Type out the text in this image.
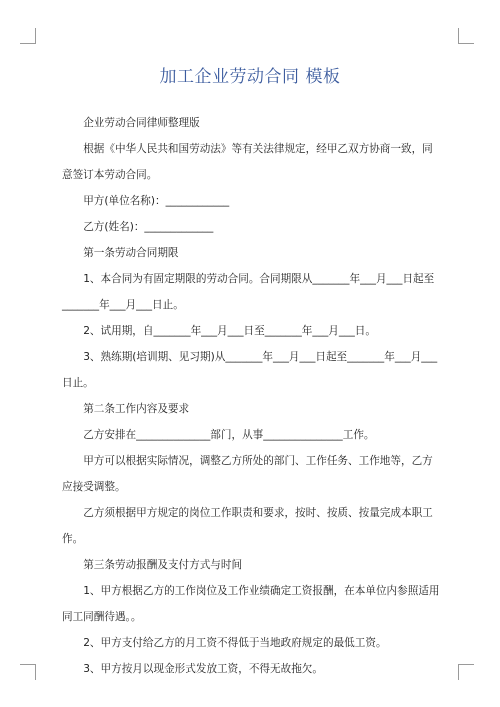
加工企业劳动合同 模板

企业劳动合同律师整理版

根据《中华人民共和国劳动法》等有关法律规定，经甲乙双方协商一致，同意签订本劳动合同。

甲方(单位名称)：____________

乙方(姓名)：_____________

第一条劳动合同期限

1、本合同为有固定期限的劳动合同。合同期限从_______年___月___日起至_______年___月___日止。

2、试用期，自_______年___月___日至_______年___月___日。

3、熟练期(培训期、见习期)从_______年___月___日起至_______年___月___日止。

第二条工作内容及要求

乙方安排在______________部门，从事_______________工作。

甲方可以根据实际情况，调整乙方所处的部门、工作任务、工作地等，乙方应接受调整。

乙方须根据甲方规定的岗位工作职责和要求，按时、按质、按量完成本职工作。

第三条劳动报酬及支付方式与时间

1、甲方根据乙方的工作岗位及工作业绩确定工资报酬，在本单位内参照适用同工同酬待遇。。

2、甲方支付给乙方的月工资不得低于当地政府规定的最低工资。

3、甲方按月以现金形式发放工资，不得无故拖欠。
